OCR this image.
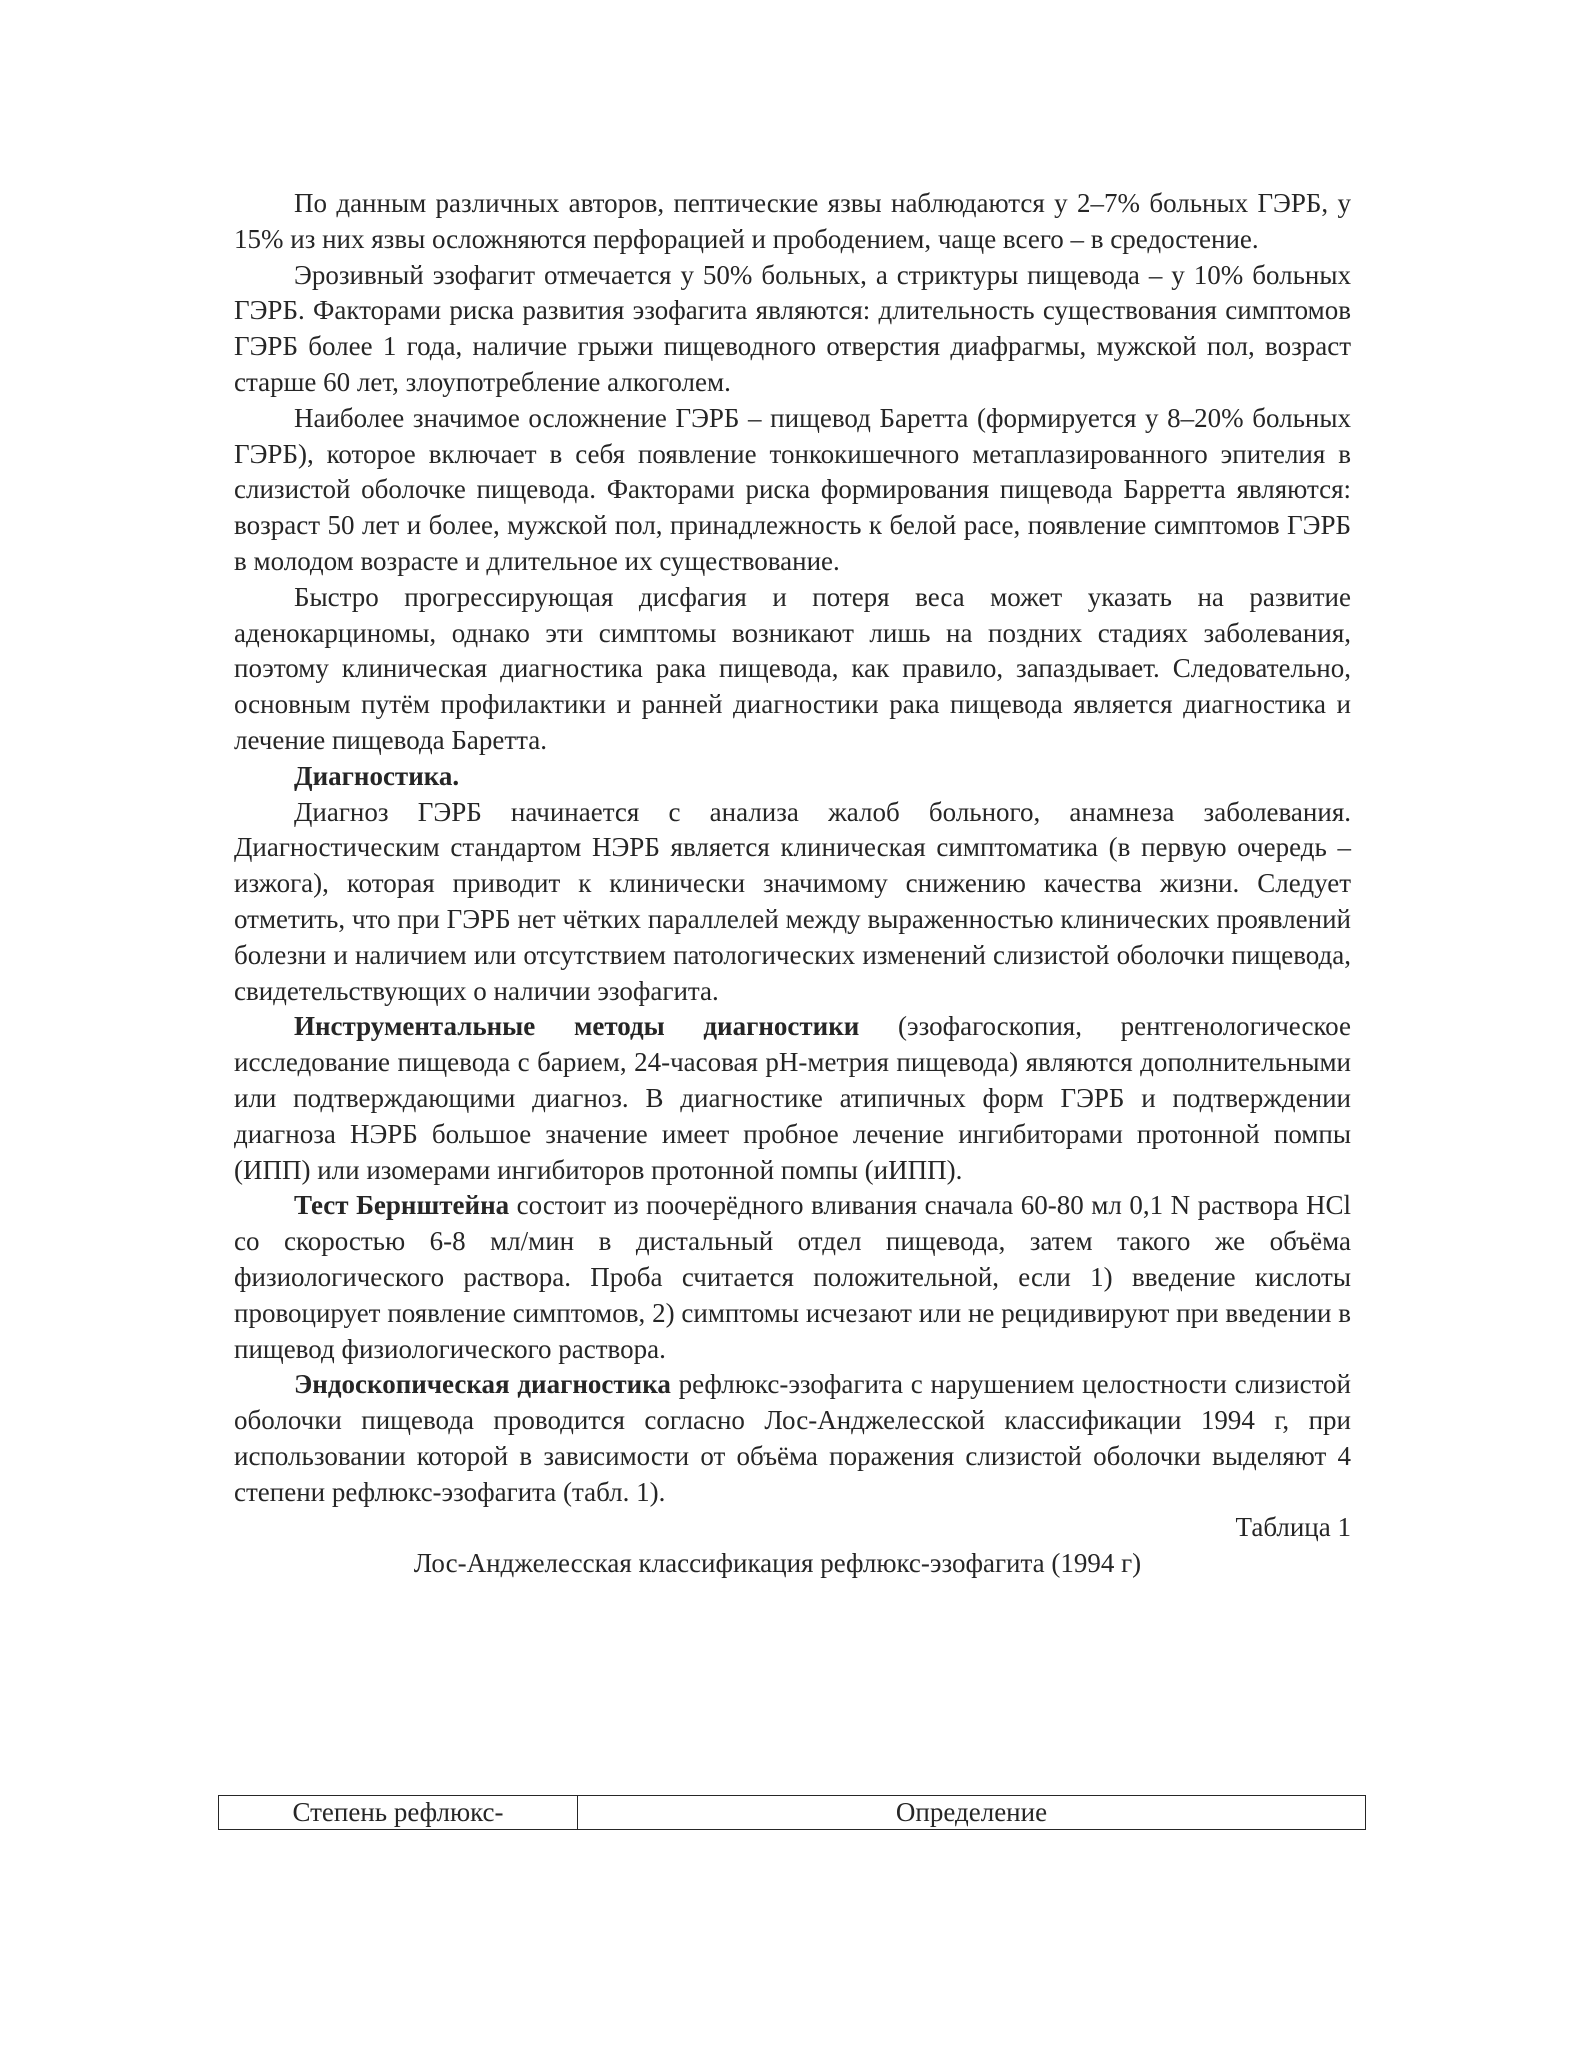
По данным различных авторов, пептические язвы наблюдаются у 2–7% больных ГЭРБ, у 15% из них язвы осложняются перфорацией и прободением, чаще всего – в средостение.

Эрозивный эзофагит отмечается у 50% больных, а стриктуры пищевода – у 10% больных ГЭРБ. Факторами риска развития эзофагита являются: длительность существования симптомов ГЭРБ более 1 года, наличие грыжи пищеводного отверстия диафрагмы, мужской пол, возраст старше 60 лет, злоупотребление алкоголем.

Наиболее значимое осложнение ГЭРБ – пищевод Баретта (формируется у 8–20% больных ГЭРБ), которое включает в себя появление тонкокишечного метаплазированного эпителия в слизистой оболочке пищевода. Факторами риска формирования пищевода Барретта являются: возраст 50 лет и более, мужской пол, принадлежность к белой расе, появление симптомов ГЭРБ в молодом возрасте и длительное их существование.

Быстро прогрессирующая дисфагия и потеря веса может указать на развитие аденокарциномы, однако эти симптомы возникают лишь на поздних стадиях заболевания, поэтому клиническая диагностика рака пищевода, как правило, запаздывает. Следовательно, основным путём профилактики и ранней диагностики рака пищевода является диагностика и лечение пищевода Баретта.

Диагностика.

Диагноз ГЭРБ начинается с анализа жалоб больного, анамнеза заболевания. Диагностическим стандартом НЭРБ является клиническая симптоматика (в первую очередь – изжога), которая приводит к клинически значимому снижению качества жизни. Следует отметить, что при ГЭРБ нет чётких параллелей между выраженностью клинических проявлений болезни и наличием или отсутствием патологических изменений слизистой оболочки пищевода, свидетельствующих о наличии эзофагита.

Инструментальные методы диагностики (эзофагоскопия, рентгенологическое исследование пищевода с барием, 24-часовая рН-метрия пищевода) являются дополнительными или подтверждающими диагноз. В диагностике атипичных форм ГЭРБ и подтверждении диагноза НЭРБ большое значение имеет пробное лечение ингибиторами протонной помпы (ИПП) или изомерами ингибиторов протонной помпы (иИПП).

Тест Бернштейна состоит из поочерёдного вливания сначала 60-80 мл 0,1 N раствора HCl со скоростью 6-8 мл/мин в дистальный отдел пищевода, затем такого же объёма физиологического раствора. Проба считается положительной, если 1) введение кислоты провоцирует появление симптомов, 2) симптомы исчезают или не рецидивируют при введении в пищевод физиологического раствора.

Эндоскопическая диагностика рефлюкс-эзофагита с нарушением целостности слизистой оболочки пищевода проводится согласно Лос-Анджелесской классификации 1994 г, при использовании которой в зависимости от объёма поражения слизистой оболочки выделяют 4 степени рефлюкс-эзофагита (табл. 1).

Таблица 1

Лос-Анджелесская классификация рефлюкс-эзофагита (1994 г)

Степень рефлюкс-	Определение
